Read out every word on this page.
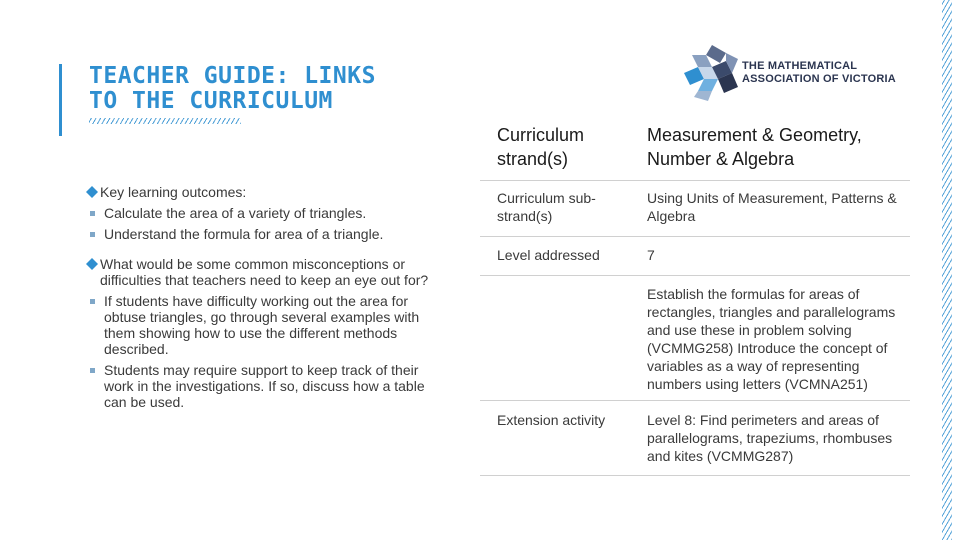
TEACHER GUIDE: LINKS
TO THE CURRICULUM
THE MATHEMATICAL
ASSOCIATION OF VICTORIA
Key learning outcomes:
Calculate the area of a variety of triangles.
Understand the formula for area of a triangle.
What would be some common misconceptions or difficulties that teachers need to keep an eye out for?
If students have difficulty working out the area for obtuse triangles, go through several examples with them showing how to use the different methods described.
Students may require support to keep track of their work in the investigations. If so, discuss how a table can be used.
Curriculum strand(s)	Measurement & Geometry, Number & Algebra
Curriculum sub-strand(s)	Using Units of Measurement, Patterns & Algebra
Level addressed	7
	Establish the formulas for areas of rectangles, triangles and parallelograms and use these in problem solving (VCMMG258) Introduce the concept of variables as a way of representing numbers using letters (VCMNA251)
Extension activity	Level 8: Find perimeters and areas of parallelograms, trapeziums, rhombuses and kites (VCMMG287)
